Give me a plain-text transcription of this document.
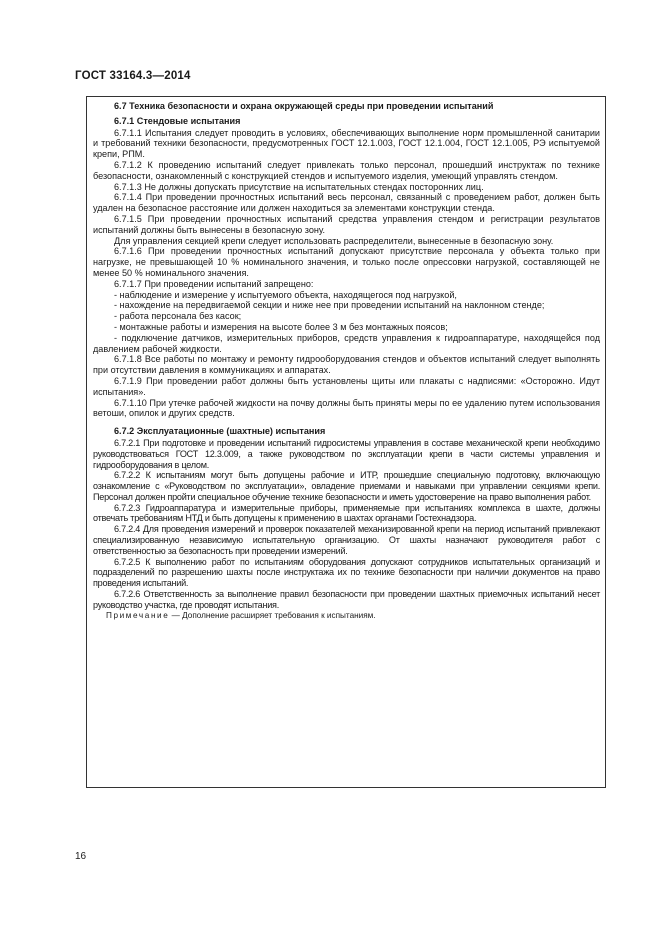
ГОСТ 33164.3—2014
6.7 Техника безопасности и охрана окружающей среды при проведении испытаний
6.7.1 Стендовые испытания

6.7.1.1 Испытания следует проводить в условиях, обеспечивающих выполнение норм промышленной санитарии и требований техники безопасности, предусмотренных ГОСТ 12.1.003, ГОСТ 12.1.004, ГОСТ 12.1.005, РЭ испытуемой крепи, РПМ.

6.7.1.2 К проведению испытаний следует привлекать только персонал, прошедший инструктаж по технике безопасности, ознакомленный с конструкцией стендов и испытуемого изделия, умеющий управлять стендом.

6.7.1.3 Не должны допускать присутствие на испытательных стендах посторонних лиц.

6.7.1.4 При проведении прочностных испытаний весь персонал, связанный с проведением работ, должен быть удален на безопасное расстояние или должен находиться за элементами конструкции стенда.

6.7.1.5 При проведении прочностных испытаний средства управления стендом и регистрации результатов испытаний должны быть вынесены в безопасную зону.

Для управления секцией крепи следует использовать распределители, вынесенные в безопасную зону.

6.7.1.6 При проведении прочностных испытаний допускают присутствие персонала у объекта только при нагрузке, не превышающей 10 % номинального значения, и только после опрессовки нагрузкой, составляющей не менее 50 % номинального значения.

6.7.1.7 При проведении испытаний запрещено:

- наблюдение и измерение у испытуемого объекта, находящегося под нагрузкой,

- нахождение на передвигаемой секции и ниже нее при проведении испытаний на наклонном стенде;

- работа персонала без касок;

- монтажные работы и измерения на высоте более 3 м без монтажных поясов;

- подключение датчиков, измерительных приборов, средств управления к гидроаппаратуре, находящейся под давлением рабочей жидкости.

6.7.1.8 Все работы по монтажу и ремонту гидрооборудования стендов и объектов испытаний следует выполнять при отсутствии давления в коммуникациях и аппаратах.

6.7.1.9 При проведении работ должны быть установлены щиты или плакаты с надписями: «Осторожно. Идут испытания».

6.7.1.10 При утечке рабочей жидкости на почву должны быть приняты меры по ее удалению путем использования ветоши, опилок и других средств.

6.7.2 Эксплуатационные (шахтные) испытания

6.7.2.1 При подготовке и проведении испытаний гидросистемы управления в составе механической крепи необходимо руководствоваться ГОСТ 12.3.009, а также руководством по эксплуатации крепи в части системы управления и гидрооборудования в целом.

6.7.2.2 К испытаниям могут быть допущены рабочие и ИТР, прошедшие специальную подготовку, включающую ознакомление с «Руководством по эксплуатации», овладение приемами и навыками при управлении секциями крепи. Персонал должен пройти специальное обучение технике безопасности и иметь удостоверение на право выполнения работ.

6.7.2.3 Гидроаппаратура и измерительные приборы, применяемые при испытаниях комплекса в шахте, должны отвечать требованиям НТД и быть допущены к применению в шахтах органами Гостехнадзора.

6.7.2.4 Для проведения измерений и проверок показателей механизированной крепи на период испытаний привлекают специализированную независимую испытательную организацию. От шахты назначают руководителя работ с ответственностью за безопасность при проведении измерений.

6.7.2.5 К выполнению работ по испытаниям оборудования допускают сотрудников испытательных организаций и подразделений по разрешению шахты после инструктажа их по технике безопасности при наличии документов на право проведения испытаний.

6.7.2.6 Ответственность за выполнение правил безопасности при проведении шахтных приемочных испытаний несет руководство участка, где проводят испытания.

Примечание — Дополнение расширяет требования к испытаниям.

16
